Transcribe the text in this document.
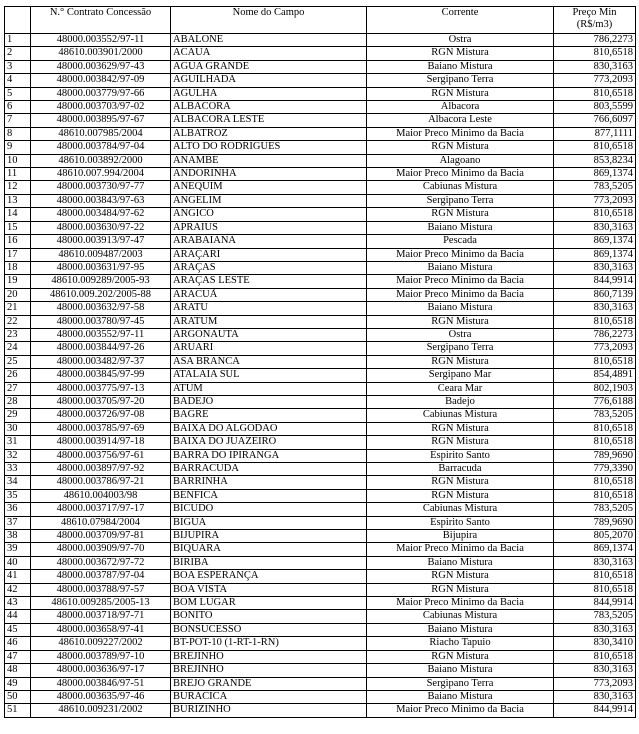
	N.° Contrato Concessão	Nome do Campo	Corrente	Preço Min
(R$/m3)

1	48000.003552/97-11	ABALONE	Ostra	786,2273
2	48610.003901/2000	ACAUA	RGN Mistura	810,6518
3	48000.003629/97-43	AGUA GRANDE	Baiano Mistura	830,3163
4	48000.003842/97-09	AGUILHADA	Sergipano Terra	773,2093
5	48000.003779/97-66	AGULHA	RGN Mistura	810,6518
6	48000.003703/97-02	ALBACORA	Albacora	803,5599
7	48000.003895/97-67	ALBACORA LESTE	Albacora Leste	766,6097
8	48610.007985/2004	ALBATROZ	Maior Preco Minimo da Bacia	877,1111
9	48000.003784/97-04	ALTO DO RODRIGUES	RGN Mistura	810,6518
10	48610.003892/2000	ANAMBE	Alagoano	853,8234
11	48610.007.994/2004	ANDORINHA	Maior Preco Minimo da Bacia	869,1374
12	48000.003730/97-77	ANEQUIM	Cabiunas Mistura	783,5205
13	48000.003843/97-63	ANGELIM	Sergipano Terra	773,2093
14	48000.003484/97-62	ANGICO	RGN Mistura	810,6518
15	48000.003630/97-22	APRAIUS	Baiano Mistura	830,3163
16	48000.003913/97-47	ARABAIANA	Pescada	869,1374
17	48610.009487/2003	ARAÇARI	Maior Preco Minimo da Bacia	869,1374
18	48000.003631/97-95	ARAÇAS	Baiano Mistura	830,3163
19	48610.009289/2005-93	ARAÇAS LESTE	Maior Preco Minimo da Bacia	844,9914
20	48610.009.202/2005-88	ARACUÃ	Maior Preco Minimo da Bacia	860,7139
21	48000.003632/97-58	ARATU	Baiano Mistura	830,3163
22	48000.003780/97-45	ARATUM	RGN Mistura	810,6518
23	48000.003552/97-11	ARGONAUTA	Ostra	786,2273
24	48000.003844/97-26	ARUARI	Sergipano Terra	773,2093
25	48000.003482/97-37	ASA BRANCA	RGN Mistura	810,6518
26	48000.003845/97-99	ATALAIA SUL	Sergipano Mar	854,4891
27	48000.003775/97-13	ATUM	Ceara Mar	802,1903
28	48000.003705/97-20	BADEJO	Badejo	776,6188
29	48000.003726/97-08	BAGRE	Cabiunas Mistura	783,5205
30	48000.003785/97-69	BAIXA DO ALGODAO	RGN Mistura	810,6518
31	48000.003914/97-18	BAIXA DO JUAZEIRO	RGN Mistura	810,6518
32	48000.003756/97-61	BARRA DO IPIRANGA	Espirito Santo	789,9690
33	48000.003897/97-92	BARRACUDA	Barracuda	779,3390
34	48000.003786/97-21	BARRINHA	RGN Mistura	810,6518
35	48610.004003/98	BENFICA	RGN Mistura	810,6518
36	48000.003717/97-17	BICUDO	Cabiunas Mistura	783,5205
37	48610.07984/2004	BIGUA	Espirito Santo	789,9690
38	48000.003709/97-81	BIJUPIRA	Bijupira	805,2070
39	48000.003909/97-70	BIQUARA	Maior Preco Minimo da Bacia	869,1374
40	48000.003672/97-72	BIRIBA	Baiano Mistura	830,3163
41	48000.003787/97-04	BOA ESPERANÇA	RGN Mistura	810,6518
42	48000.003788/97-57	BOA VISTA	RGN Mistura	810,6518
43	48610.009285/2005-13	BOM LUGAR	Maior Preco Minimo da Bacia	844,9914
44	48000.003718/97-71	BONITO	Cabiunas Mistura	783,5205
45	48000.003658/97-41	BONSUCESSO	Baiano Mistura	830,3163
46	48610.009227/2002	BT-POT-10 (1-RT-1-RN)	Riacho Tapuio	830,3410
47	48000.003789/97-10	BREJINHO	RGN Mistura	810,6518
48	48000.003636/97-17	BREJINHO	Baiano Mistura	830,3163
49	48000.003846/97-51	BREJO GRANDE	Sergipano Terra	773,2093
50	48000.003635/97-46	BURACICA	Baiano Mistura	830,3163
51	48610.009231/2002	BURIZINHO	Maior Preco Minimo da Bacia	844,9914
